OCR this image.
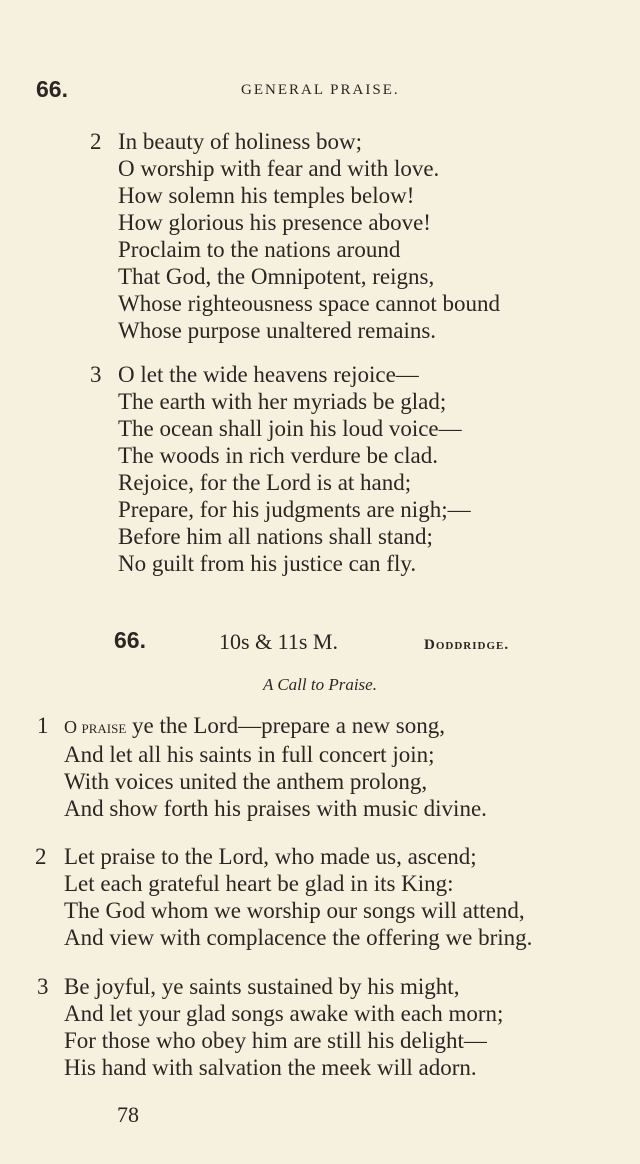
66.	GENERAL PRAISE.
2 In beauty of holiness bow;
O worship with fear and with love.
How solemn his temples below!
How glorious his presence above!
Proclaim to the nations around
That God, the Omnipotent, reigns,
Whose righteousness space cannot bound
Whose purpose unaltered remains.
3 O let the wide heavens rejoice—
The earth with her myriads be glad;
The ocean shall join his loud voice—
The woods in rich verdure be clad.
Rejoice, for the Lord is at hand;
Prepare, for his judgments are nigh;—
Before him all nations shall stand;
No guilt from his justice can fly.
66.	10s & 11s M.	Doddridge.
A Call to Praise.
1 O praise ye the Lord—prepare a new song,
And let all his saints in full concert join;
With voices united the anthem prolong,
And show forth his praises with music divine.
2 Let praise to the Lord, who made us, ascend;
Let each grateful heart be glad in its King:
The God whom we worship our songs will attend,
And view with complacence the offering we bring.
3 Be joyful, ye saints sustained by his might,
And let your glad songs awake with each morn;
For those who obey him are still his delight—
His hand with salvation the meek will adorn.
78
